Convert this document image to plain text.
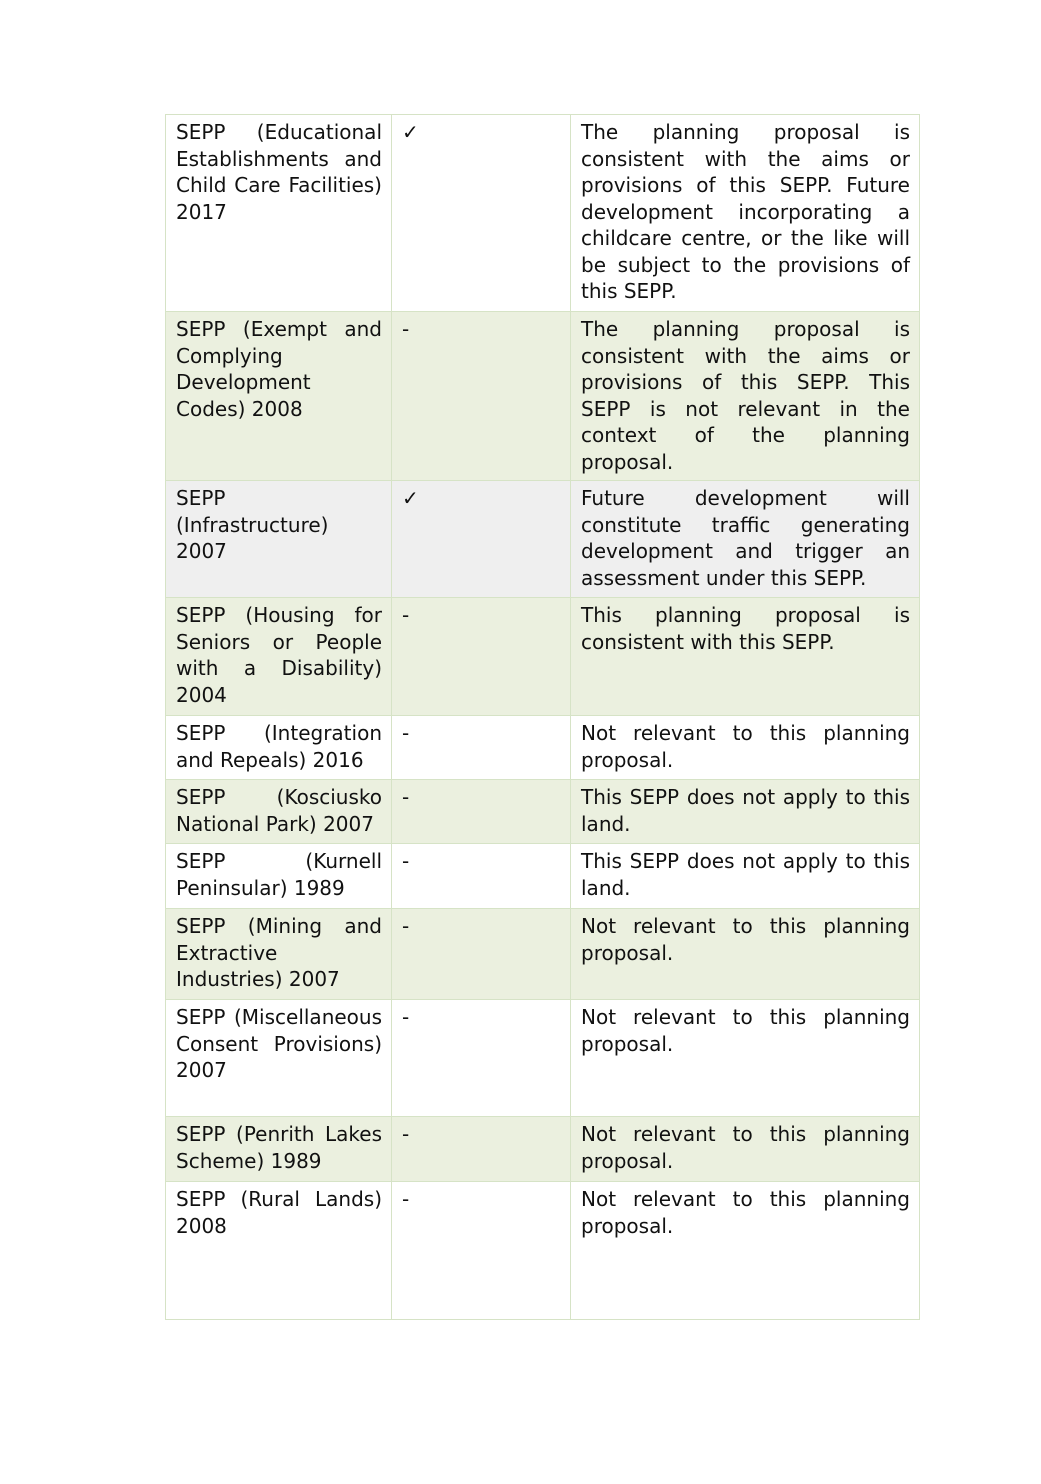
SEPP (Educational Establishments and Child Care Facilities) 2017	✓	The planning proposal is consistent with the aims or provisions of this SEPP. Future development incorporating a childcare centre, or the like will be subject to the provisions of this SEPP.
SEPP (Exempt and Complying Development Codes) 2008	-	The planning proposal is consistent with the aims or provisions of this SEPP. This SEPP is not relevant in the context of the planning proposal.
SEPP (Infrastructure) 2007	✓	Future development will constitute traffic generating development and trigger an assessment under this SEPP.
SEPP (Housing for Seniors or People with a Disability) 2004	-	This planning proposal is consistent with this SEPP.
SEPP (Integration and Repeals) 2016	-	Not relevant to this planning proposal.
SEPP (Kosciusko National Park) 2007	-	This SEPP does not apply to this land.
SEPP (Kurnell Peninsular) 1989	-	This SEPP does not apply to this land.
SEPP (Mining and Extractive Industries) 2007	-	Not relevant to this planning proposal.
SEPP (Miscellaneous Consent Provisions) 2007	-	Not relevant to this planning proposal.
SEPP (Penrith Lakes Scheme) 1989	-	Not relevant to this planning proposal.
SEPP (Rural Lands) 2008	-	Not relevant to this planning proposal.
